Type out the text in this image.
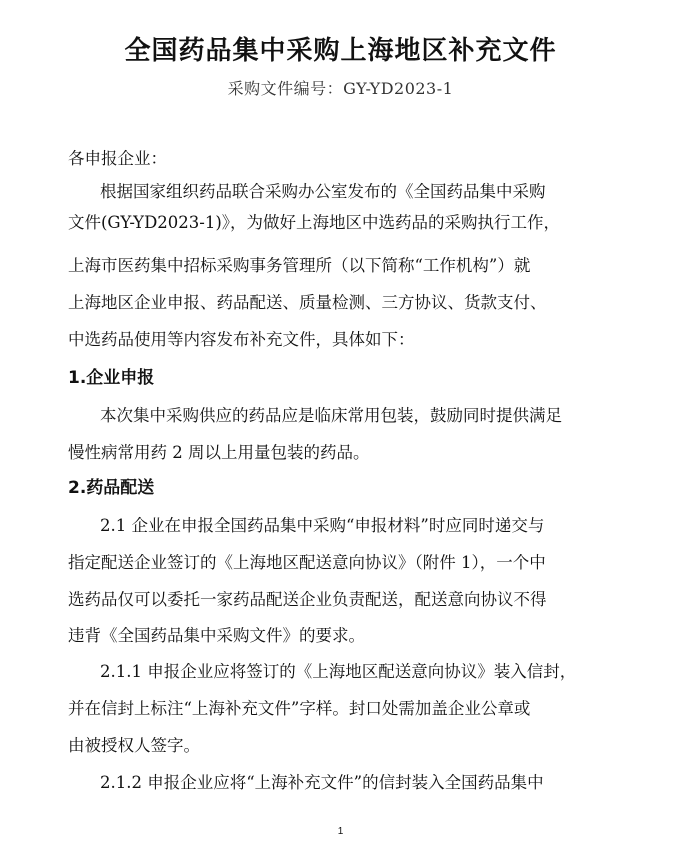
全国药品集中采购上海地区补充文件

采购文件编号：GY-YD2023-1

各申报企业：
根据国家组织药品联合采购办公室发布的《全国药品集中采购
文件(GY-YD2023-1)》，为做好上海地区中选药品的采购执行工作，
上海市医药集中招标采购事务管理所（以下简称“工作机构”）就
上海地区企业申报、药品配送、质量检测、三方协议、货款支付、
中选药品使用等内容发布补充文件，具体如下：
1.企业申报
本次集中采购供应的药品应是临床常用包装，鼓励同时提供满足
慢性病常用药 2 周以上用量包装的药品。
2.药品配送
2.1 企业在申报全国药品集中采购“申报材料”时应同时递交与
指定配送企业签订的《上海地区配送意向协议》（附件 1），一个中
选药品仅可以委托一家药品配送企业负责配送，配送意向协议不得
违背《全国药品集中采购文件》的要求。
2.1.1 申报企业应将签订的《上海地区配送意向协议》装入信封，
并在信封上标注“上海补充文件”字样。封口处需加盖企业公章或
由被授权人签字。
2.1.2 申报企业应将“上海补充文件”的信封装入全国药品集中
1
